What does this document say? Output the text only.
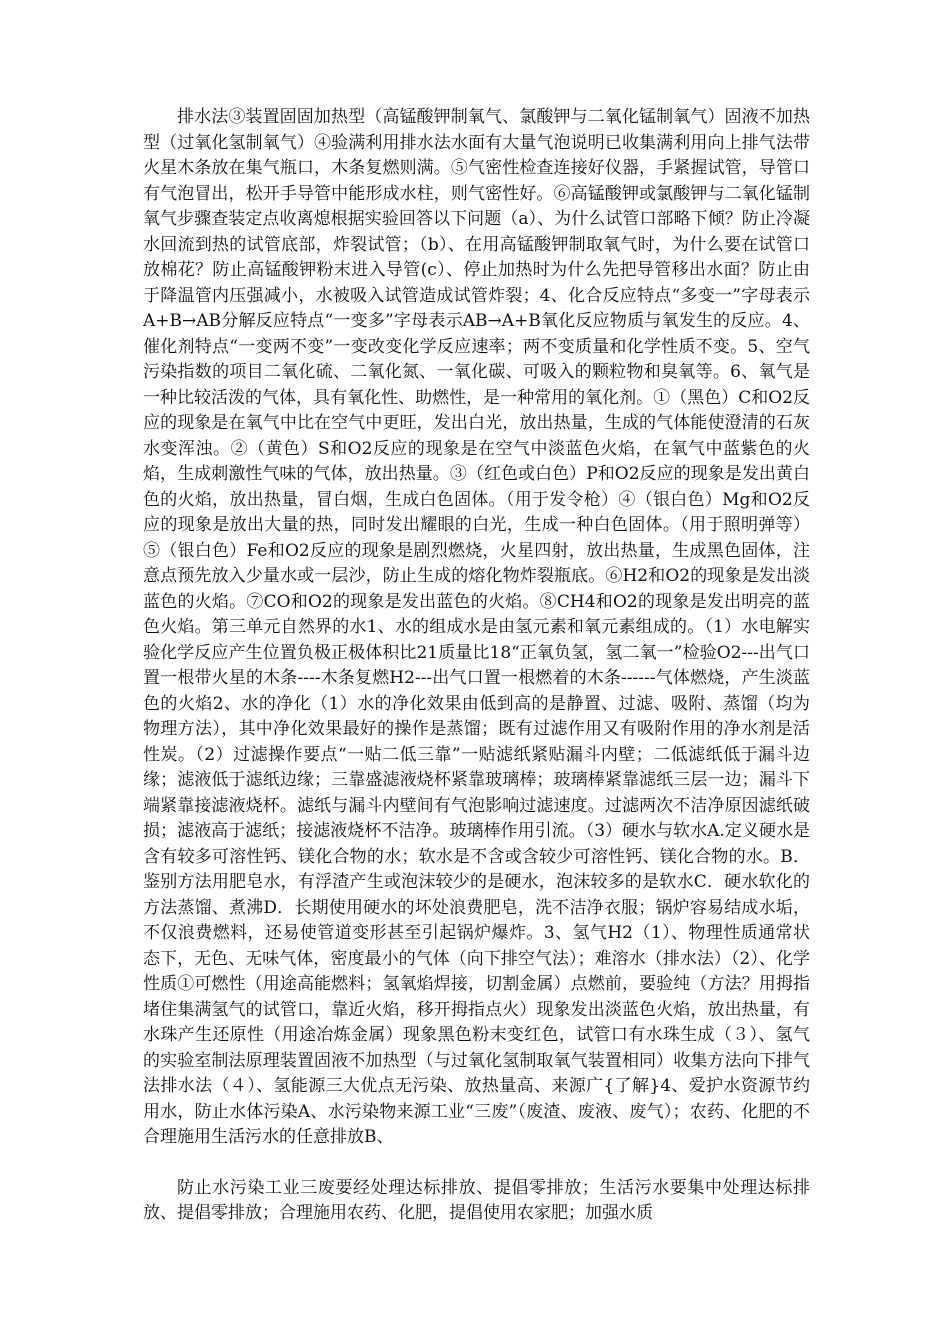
排水法③装置固固加热型（高锰酸钾制氧气、氯酸钾与二氧化锰制氧气）固液不加热型（过氧化氢制氧气）④验满利用排水法水面有大量气泡说明已收集满利用向上排气法带火星木条放在集气瓶口，木条复燃则满。⑤气密性检查连接好仪器，手紧握试管，导管口有气泡冒出，松开手导管中能形成水柱，则气密性好。⑥高锰酸钾或氯酸钾与二氧化锰制氧气步骤查装定点收离熄根据实验回答以下问题（a）、为什么试管口部略下倾？防止冷凝水回流到热的试管底部，炸裂试管；（b）、在用高锰酸钾制取氧气时，为什么要在试管口放棉花？防止高锰酸钾粉末进入导管(c）、停止加热时为什么先把导管移出水面？防止由于降温管内压强减小，水被吸入试管造成试管炸裂；4、化合反应特点“多变一”字母表示A+B→AB分解反应特点“一变多”字母表示AB→A+B氧化反应物质与氧发生的反应。4、催化剂特点“一变两不变”一变改变化学反应速率；两不变质量和化学性质不变。5、空气污染指数的项目二氧化硫、二氧化氮、一氧化碳、可吸入的颗粒物和臭氧等。6、氧气是一种比较活泼的气体，具有氧化性、助燃性，是一种常用的氧化剂。①（黑色）C和O2反应的现象是在氧气中比在空气中更旺，发出白光，放出热量，生成的气体能使澄清的石灰水变浑浊。②（黄色）S和O2反应的现象是在空气中淡蓝色火焰，在氧气中蓝紫色的火焰，生成刺激性气味的气体，放出热量。③（红色或白色）P和O2反应的现象是发出黄白色的火焰，放出热量，冒白烟，生成白色固体。（用于发令枪）④（银白色）Mg和O2反应的现象是放出大量的热，同时发出耀眼的白光，生成一种白色固体。（用于照明弹等）⑤（银白色）Fe和O2反应的现象是剧烈燃烧，火星四射，放出热量，生成黑色固体，注意点预先放入少量水或一层沙，防止生成的熔化物炸裂瓶底。⑥H2和O2的现象是发出淡蓝色的火焰。⑦CO和O2的现象是发出蓝色的火焰。⑧CH4和O2的现象是发出明亮的蓝色火焰。第三单元自然界的水1、水的组成水是由氢元素和氧元素组成的。（1）水电解实验化学反应产生位置负极正极体积比21质量比18“正氧负氢，氢二氧一”检验O2---出气口置一根带火星的木条----木条复燃H2---出气口置一根燃着的木条------气体燃烧，产生淡蓝色的火焰2、水的净化（1）水的净化效果由低到高的是静置、过滤、吸附、蒸馏（均为物理方法），其中净化效果最好的操作是蒸馏；既有过滤作用又有吸附作用的净水剂是活性炭。（2）过滤操作要点“一贴二低三靠”一贴滤纸紧贴漏斗内壁；二低滤纸低于漏斗边缘；滤液低于滤纸边缘；三靠盛滤液烧杯紧靠玻璃棒；玻璃棒紧靠滤纸三层一边；漏斗下端紧靠接滤液烧杯。滤纸与漏斗内壁间有气泡影响过滤速度。过滤两次不洁净原因滤纸破损；滤液高于滤纸；接滤液烧杯不洁净。玻璃棒作用引流。（3）硬水与软水A.定义硬水是含有较多可溶性钙、镁化合物的水；软水是不含或含较少可溶性钙、镁化合物的水。B．鉴别方法用肥皂水，有浮渣产生或泡沫较少的是硬水，泡沫较多的是软水C．硬水软化的方法蒸馏、煮沸D．长期使用硬水的坏处浪费肥皂，洗不洁净衣服；锅炉容易结成水垢，不仅浪费燃料，还易使管道变形甚至引起锅炉爆炸。3、氢气H2（1）、物理性质通常状态下，无色、无味气体，密度最小的气体（向下排空气法）；难溶水（排水法）（2）、化学性质①可燃性（用途高能燃料；氢氧焰焊接，切割金属）点燃前，要验纯（方法？用拇指堵住集满氢气的试管口，靠近火焰，移开拇指点火）现象发出淡蓝色火焰，放出热量，有水珠产生还原性（用途冶炼金属）现象黑色粉末变红色，试管口有水珠生成（３）、氢气的实验室制法原理装置固液不加热型（与过氧化氢制取氧气装置相同）收集方法向下排气法排水法（４）、氢能源三大优点无污染、放热量高、来源广{了解}4、爱护水资源节约用水，防止水体污染A、水污染物来源工业“三废”（废渣、废液、废气）；农药、化肥的不合理施用生活污水的任意排放B、

防止水污染工业三废要经处理达标排放、提倡零排放；生活污水要集中处理达标排放、提倡零排放；合理施用农药、化肥，提倡使用农家肥；加强水质
